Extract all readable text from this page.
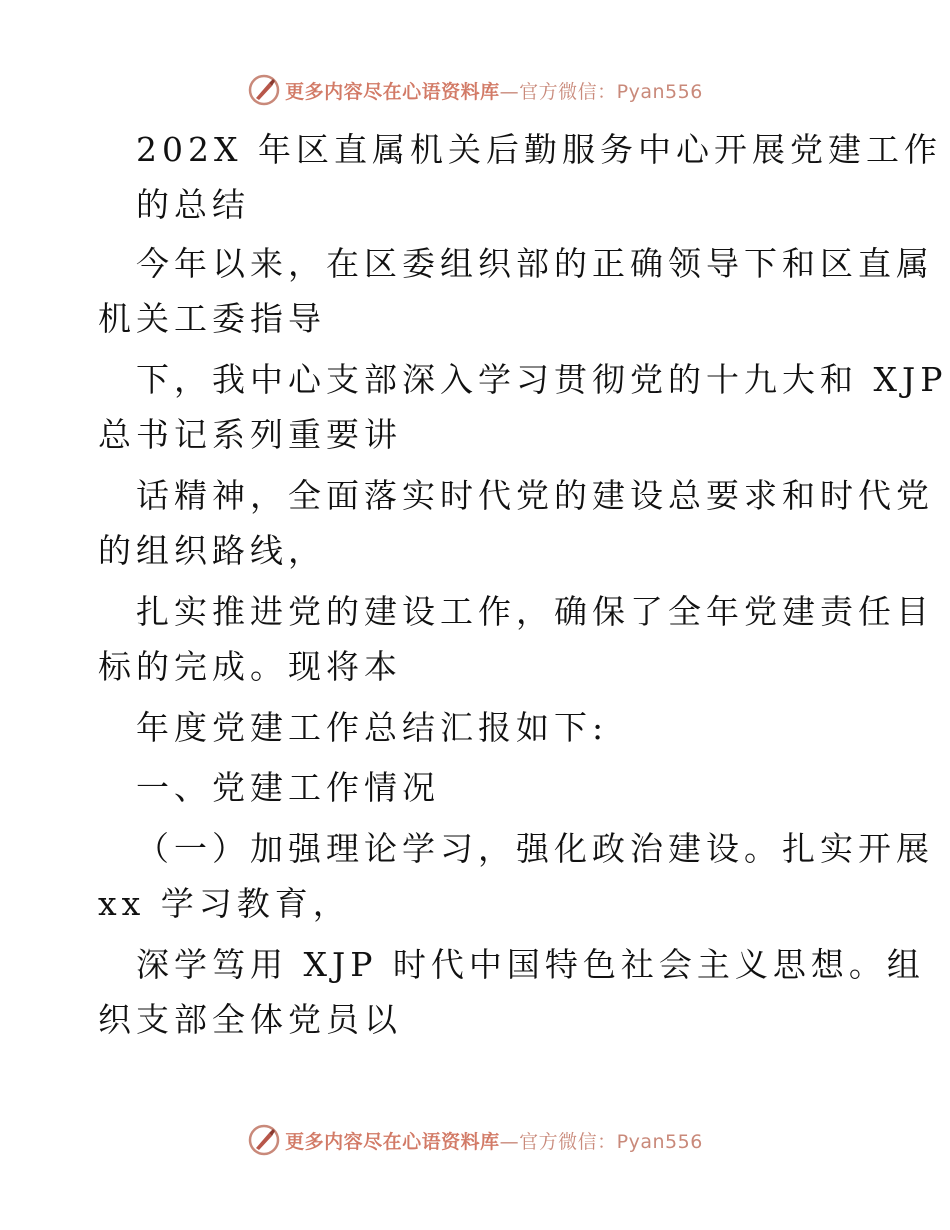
更多内容尽在心语资料库—官方微信：Pyan556
202X 年区直属机关后勤服务中心开展党建工作
的总结
今年以来，在区委组织部的正确领导下和区直属
机关工委指导
下，我中心支部深入学习贯彻党的十九大和 XJP
总书记系列重要讲
话精神，全面落实时代党的建设总要求和时代党
的组织路线，
扎实推进党的建设工作，确保了全年党建责任目
标的完成。现将本
年度党建工作总结汇报如下:
一、党建工作情况
（一）加强理论学习，强化政治建设。扎实开展
xx 学习教育，
深学笃用 XJP 时代中国特色社会主义思想。组
织支部全体党员以
更多内容尽在心语资料库—官方微信：Pyan556
